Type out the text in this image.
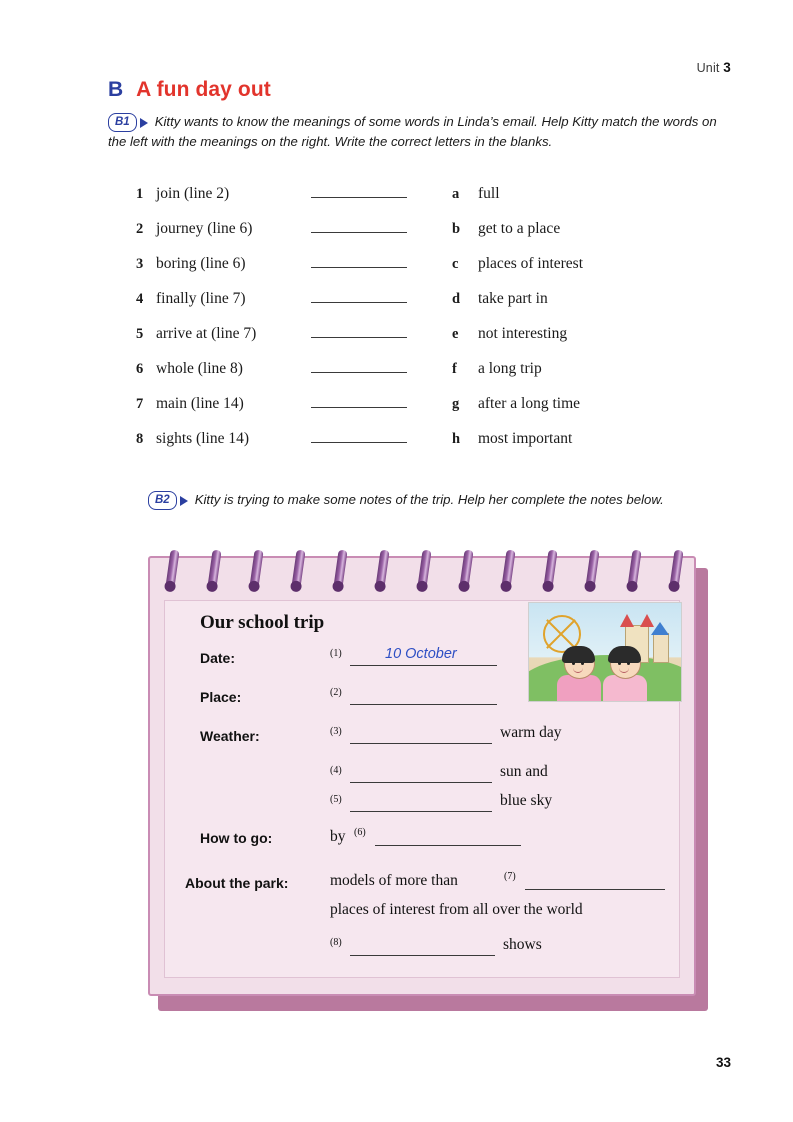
Unit 3
B A fun day out
B1	Kitty wants to know the meanings of some words in Linda’s email. Help Kitty match the words on the left with the meanings on the right. Write the correct letters in the blanks.
1 join (line 2)	a	full
2 journey (line 6)	b	get to a place
3 boring (line 6)	c	places of interest
4 finally (line 7)	d	take part in
5 arrive at (line 7)	e	not interesting
6 whole (line 8)	f	a long trip
7 main (line 14)	g	after a long time
8 sights (line 14)	h	most important
B2	Kitty is trying to make some notes of the trip. Help her complete the notes below.
Our school trip
Date:	(1)	10 October
Place:	(2)
Weather:	(3)	warm day
(4)	sun and
(5)	blue sky
How to go:	by (6)
About the park:	models of more than	(7)
places of interest from all over the world
(8)	shows
33
